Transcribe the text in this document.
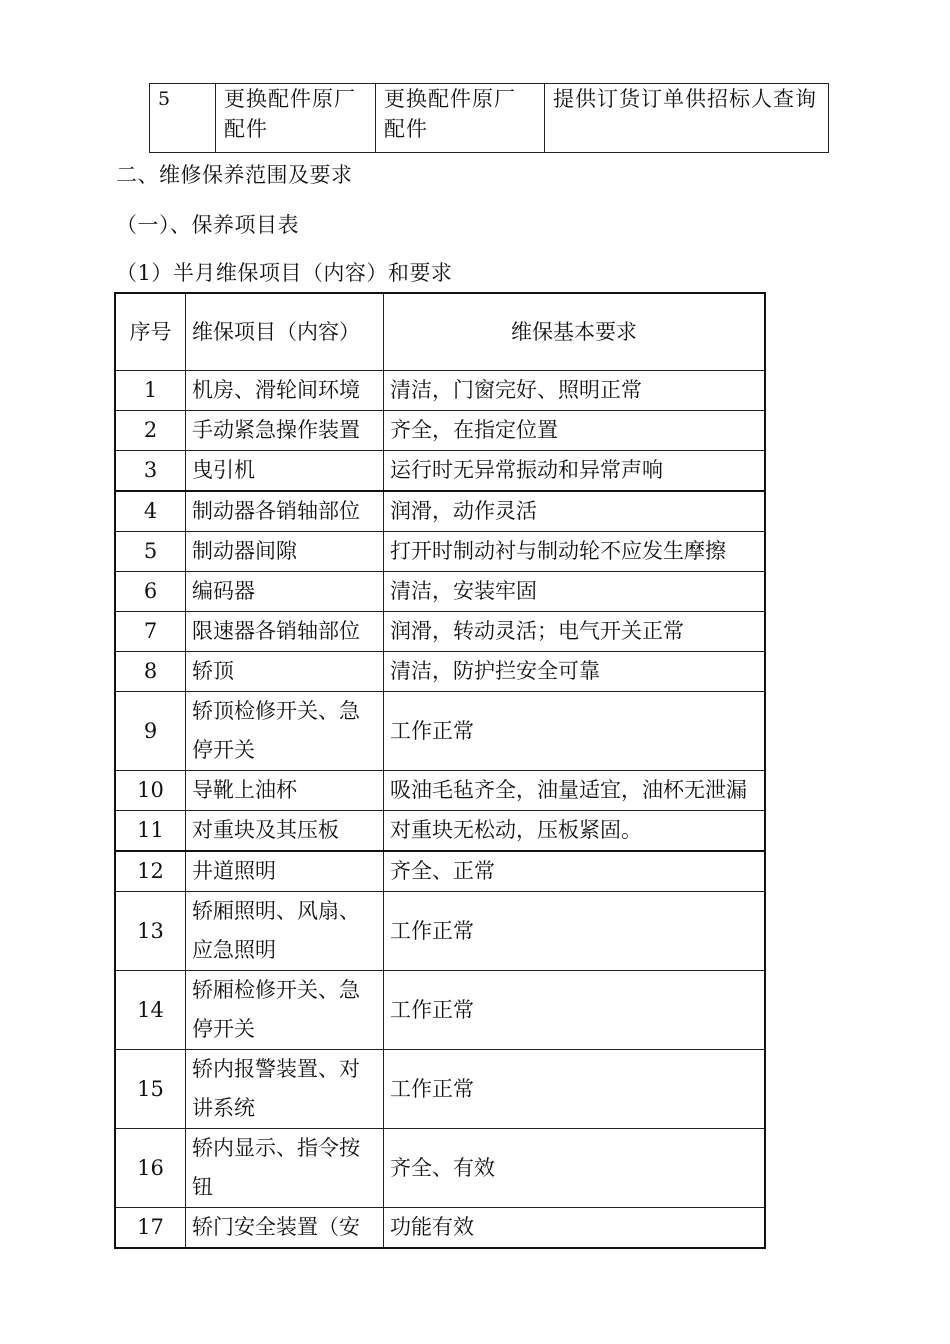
5	更换配件原厂配件	更换配件原厂配件	提供订货订单供招标人查询
二、维修保养范围及要求
（一）、保养项目表
（1）半月维保项目（内容）和要求
序号	维保项目（内容）	维保基本要求
1	机房、滑轮间环境	清洁，门窗完好、照明正常
2	手动紧急操作装置	齐全，在指定位置
3	曳引机	运行时无异常振动和异常声响
4	制动器各销轴部位	润滑，动作灵活
5	制动器间隙	打开时制动衬与制动轮不应发生摩擦
6	编码器	清洁，安装牢固
7	限速器各销轴部位	润滑，转动灵活；电气开关正常
8	轿顶	清洁，防护拦安全可靠
9	轿顶检修开关、急停开关	工作正常
10	导靴上油杯	吸油毛毡齐全，油量适宜，油杯无泄漏
11	对重块及其压板	对重块无松动，压板紧固。
12	井道照明	齐全、正常
13	轿厢照明、风扇、应急照明	工作正常
14	轿厢检修开关、急停开关	工作正常
15	轿内报警装置、对讲系统	工作正常
16	轿内显示、指令按钮	齐全、有效
17	轿门安全装置（安	功能有效
